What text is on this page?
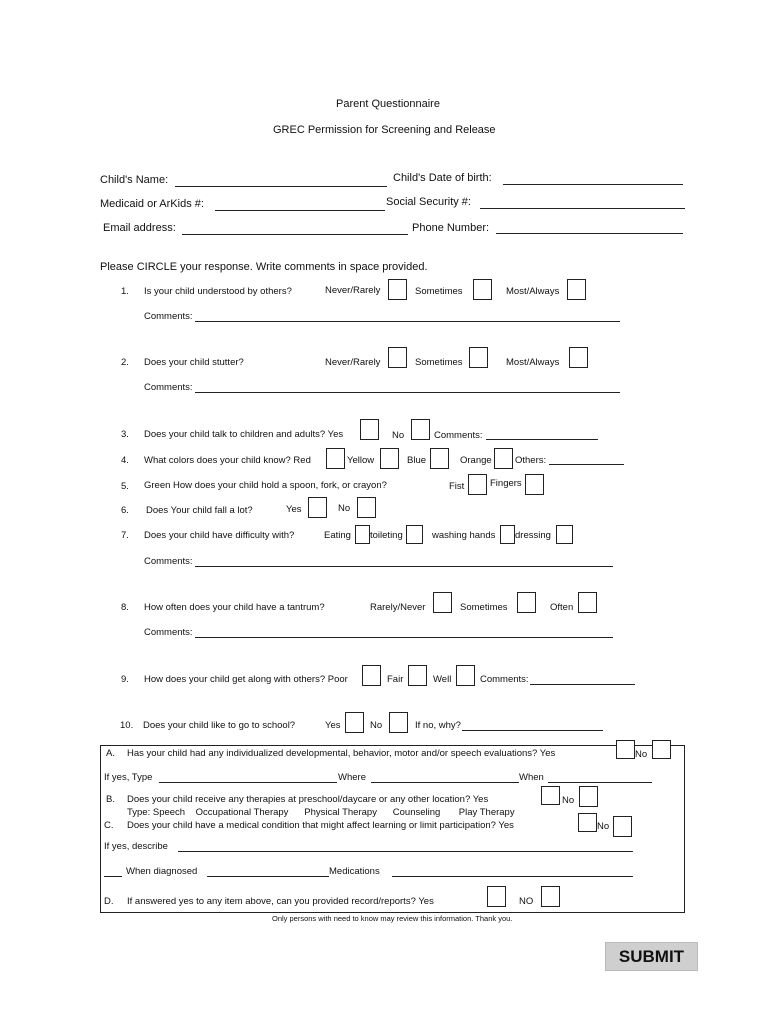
Parent Questionnaire
GREC Permission for Screening and Release
Child's Name:	Child's Date of birth:
Medicaid or ArKids #:	Social Security #:
Email address:	Phone Number:
Please CIRCLE your response. Write comments in space provided.
1. Is your child understood by others?	Never/Rarely	Sometimes	Most/Always
Comments:
2. Does your child stutter?	Never/Rarely	Sometimes	Most/Always
Comments:
3. Does your child talk to children and adults? Yes	No	Comments:
4. What colors does your child know? Red	Yellow	Blue	Orange Others:
5. Green How does your child hold a spoon, fork, or crayon?	Fist	Fingers
6. Does Your child fall a lot?	Yes	No
7. Does your child have difficulty with?	Eating toileting	washing hands dressing
Comments:
8. How often does your child have a tantrum?	Rarely/Never	Sometimes	Often
Comments:
9. How does your child get along with others? Poor	Fair	Well	Comments:
10. Does your child like to go to school?	Yes	No	If no, why?
A. Has your child had any individualized developmental, behavior, motor and/or speech evaluations? Yes	No
If yes, Type	Where	When
B. Does your child receive any therapies at preschool/daycare or any other location? Yes	No
Type: Speech    Occupational Therapy      Physical Therapy      Counseling       Play Therapy
C. Does your child have a medical condition that might affect learning or limit participation? Yes	No
If yes, describe
When diagnosed	Medications
D. If answered yes to any item above, can you provided record/reports? Yes	NO
Only persons with need to know may review this information. Thank you.
SUBMIT
